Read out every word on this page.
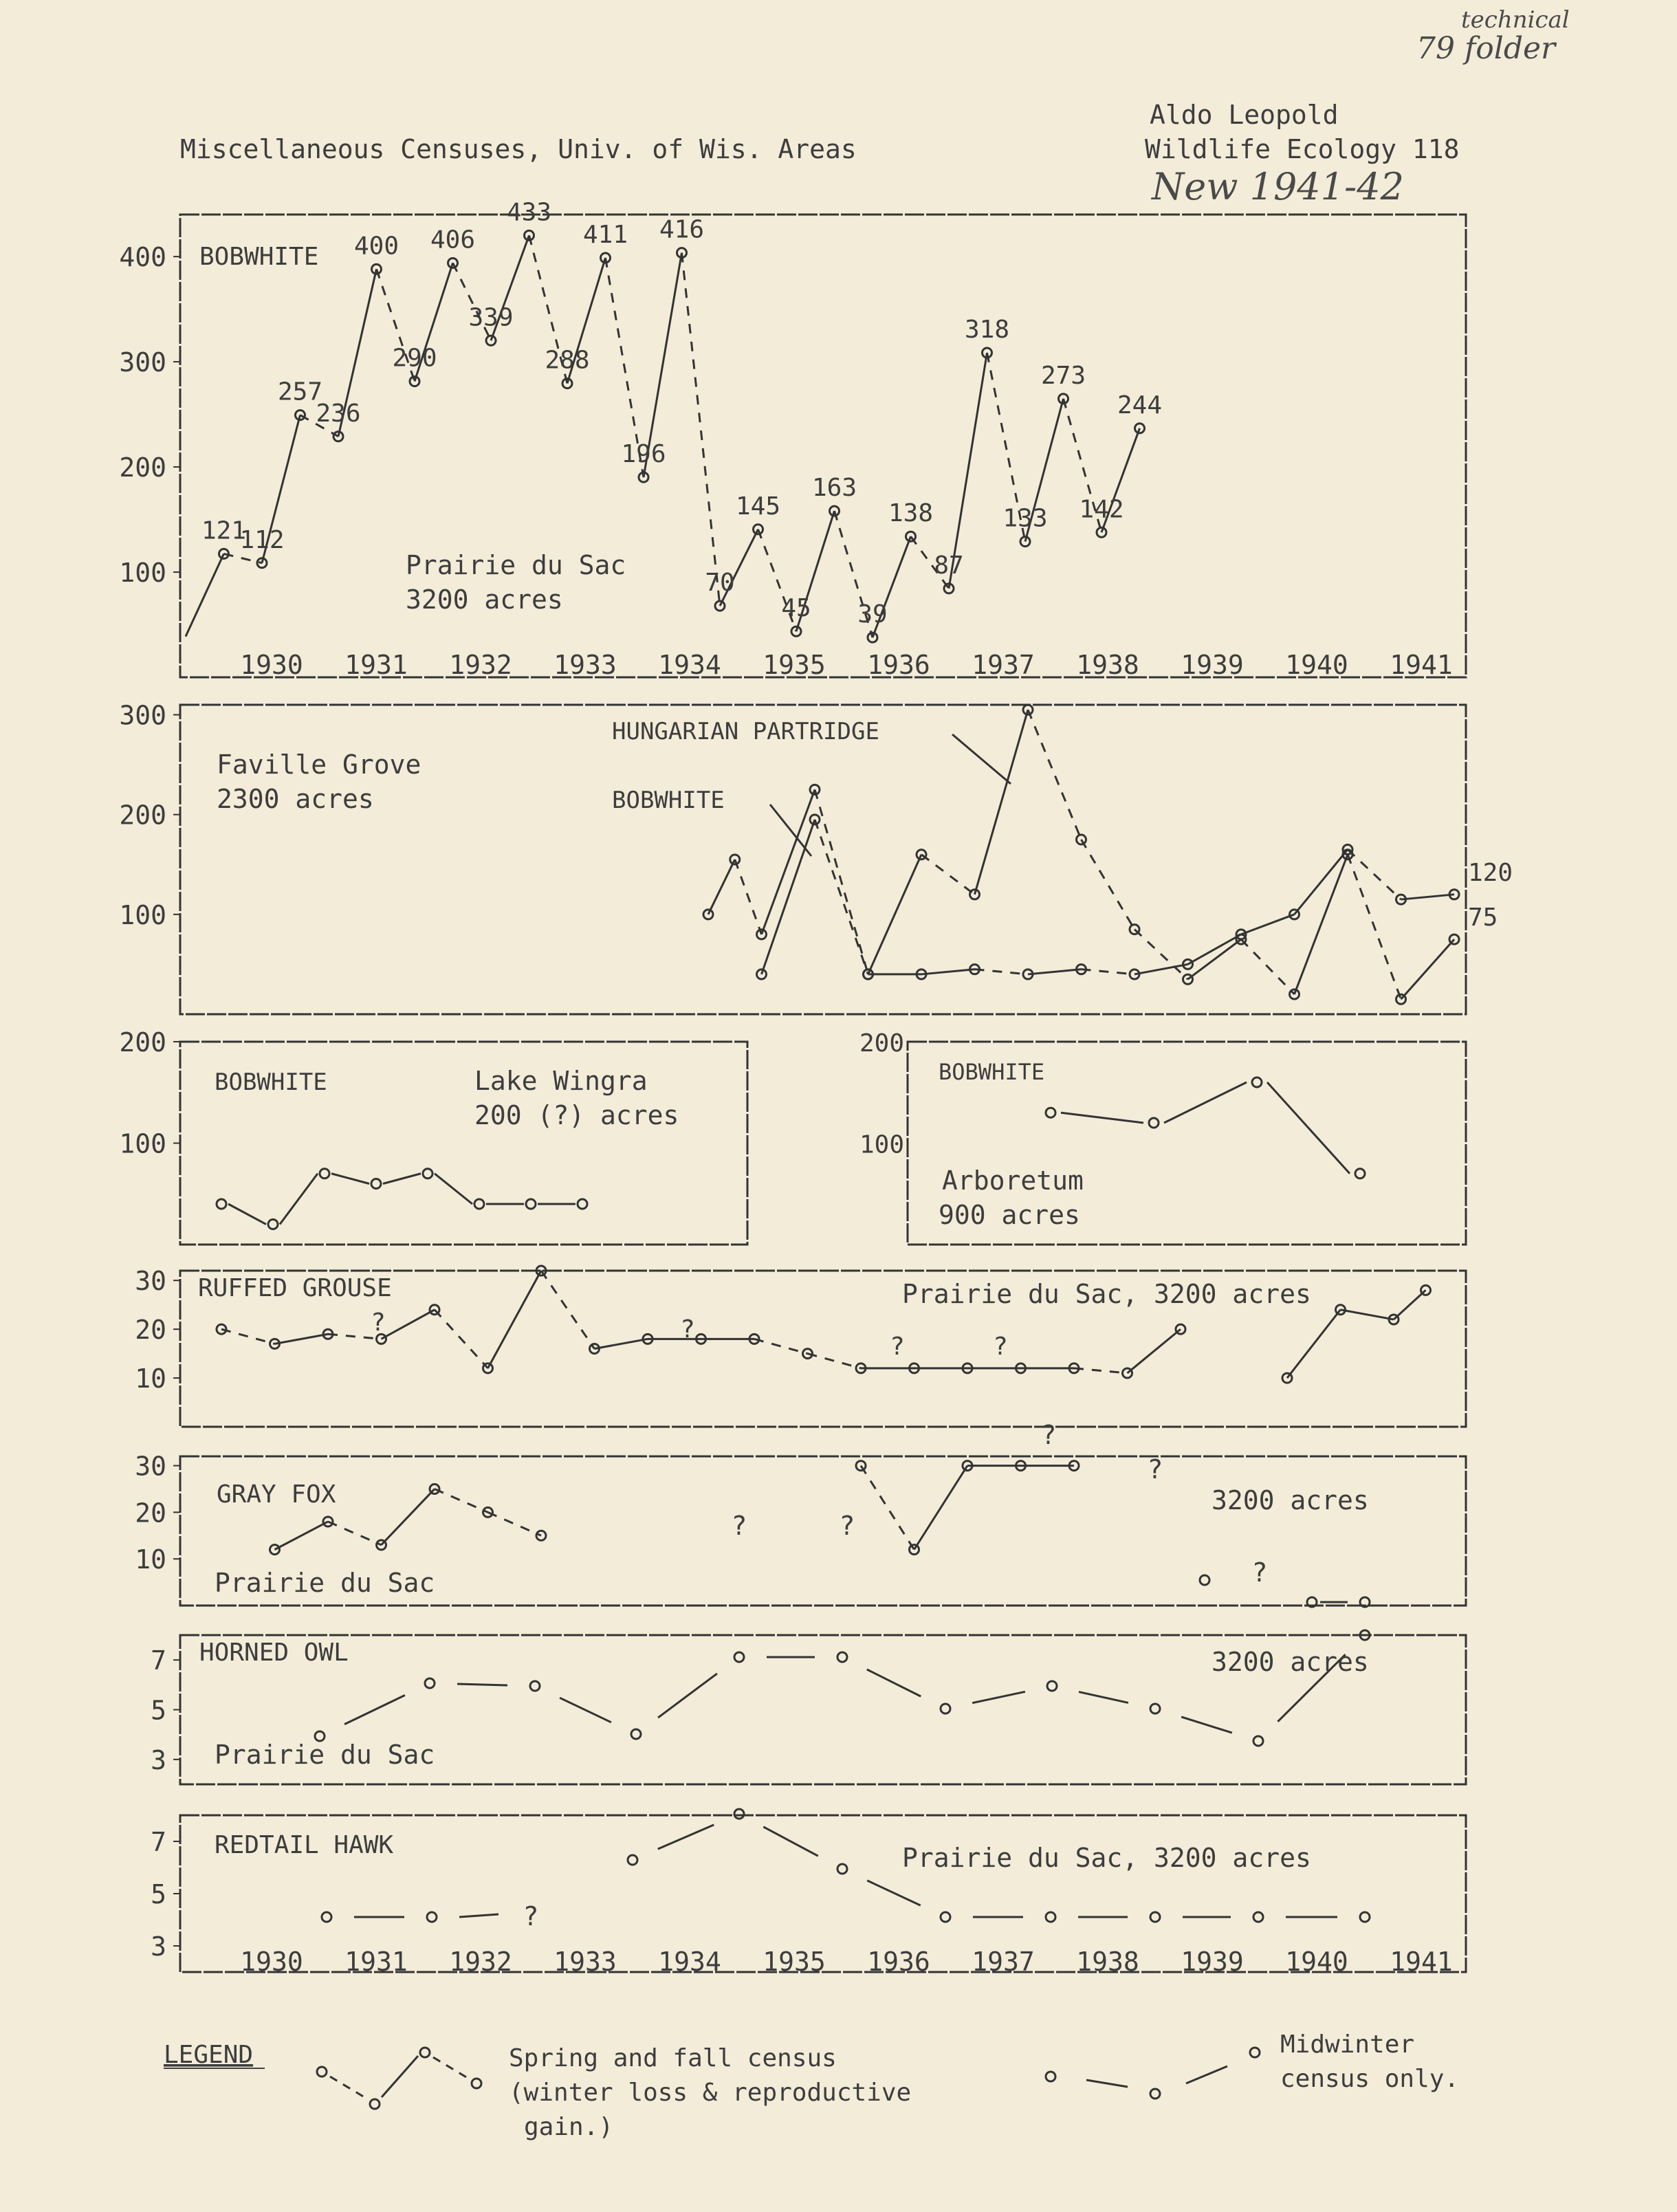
Miscellaneous Censuses, Univ. of Wis. Areas
Aldo Leopold
Wildlife Ecology 118
technical
79 folder
New 1941-42
100
200
300
400
1930 1931 1932 1933 1934 1935 1936 1937 1938 1939 1940 1941
121
112
257
236
400
290
406
339
433
288
411
196
416
70
145
45
163
39
138
87
318
133
273
142
244
100
200
300
75
120
100
200
100
200
10
20
30
?	?
?	?
10
20
30
?	?
?
?
?
3
5
7
3
5
7
1930 1931 1932 1933 1934 1935 1936 1937 1938 1939 1940 1941
?
BOBWHITE
Prairie du Sac
3200 acres
Faville Grove
2300 acres
HUNGARIAN PARTRIDGE
BOBWHITE
BOBWHITE	Lake Wingra
200 (?) acres
BOBWHITE
Arboretum
900 acres
RUFFED GROUSE	Prairie du Sac, 3200 acres
GRAY FOX
Prairie du Sac
3200 acres
HORNED OWL
Prairie du Sac
3200 acres
REDTAIL HAWK	Prairie du Sac, 3200 acres
LEGEND	Spring and fall census
(winter loss & reproductive
gain.)
Midwinter
census only.
